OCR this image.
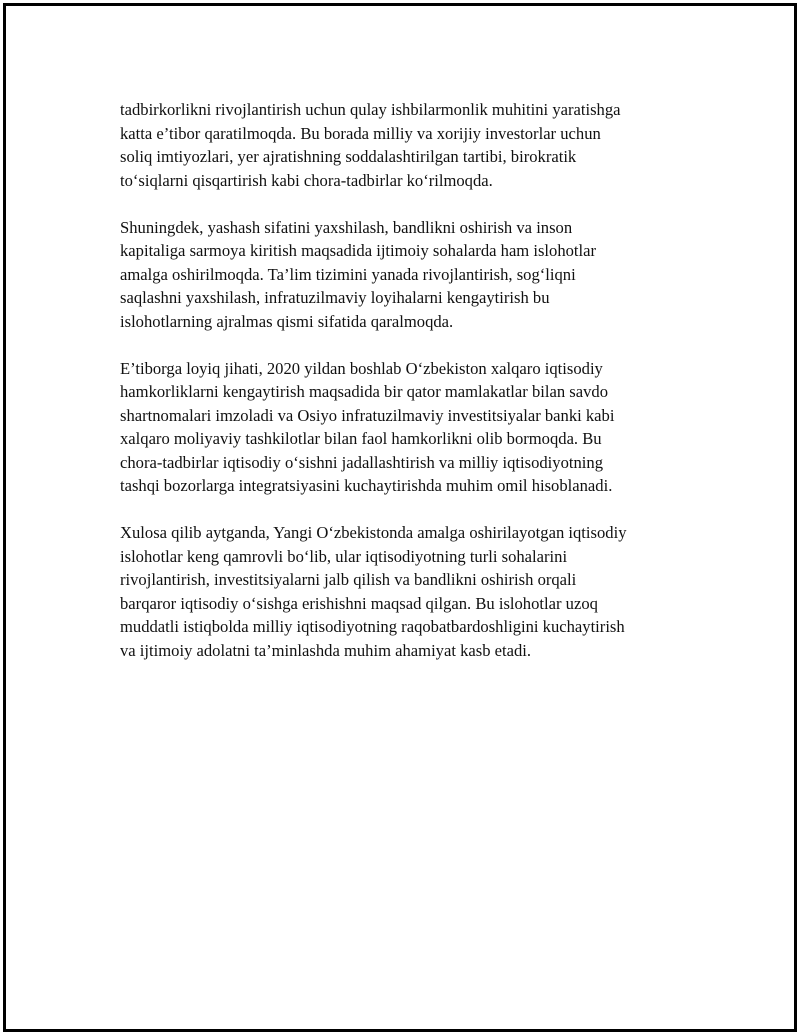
tadbirkorlikni rivojlantirish uchun qulay ishbilarmonlik muhitini yaratishga
katta e’tibor qaratilmoqda. Bu borada milliy va xorijiy investorlar uchun
soliq imtiyozlari, yer ajratishning soddalashtirilgan tartibi, birokratik
to‘siqlarni qisqartirish kabi chora-tadbirlar ko‘rilmoqda.

Shuningdek, yashash sifatini yaxshilash, bandlikni oshirish va inson
kapitaliga sarmoya kiritish maqsadida ijtimoiy sohalarda ham islohotlar
amalga oshirilmoqda. Ta’lim tizimini yanada rivojlantirish, sog‘liqni
saqlashni yaxshilash, infratuzilmaviy loyihalarni kengaytirish bu
islohotlarning ajralmas qismi sifatida qaralmoqda.

E’tiborga loyiq jihati, 2020 yildan boshlab O‘zbekiston xalqaro iqtisodiy
hamkorliklarni kengaytirish maqsadida bir qator mamlakatlar bilan savdo
shartnomalari imzoladi va Osiyo infratuzilmaviy investitsiyalar banki kabi
xalqaro moliyaviy tashkilotlar bilan faol hamkorlikni olib bormoqda. Bu
chora-tadbirlar iqtisodiy o‘sishni jadallashtirish va milliy iqtisodiyotning
tashqi bozorlarga integratsiyasini kuchaytirishda muhim omil hisoblanadi.

Xulosa qilib aytganda, Yangi O‘zbekistonda amalga oshirilayotgan iqtisodiy
islohotlar keng qamrovli bo‘lib, ular iqtisodiyotning turli sohalarini
rivojlantirish, investitsiyalarni jalb qilish va bandlikni oshirish orqali
barqaror iqtisodiy o‘sishga erishishni maqsad qilgan. Bu islohotlar uzoq
muddatli istiqbolda milliy iqtisodiyotning raqobatbardoshligini kuchaytirish
va ijtimoiy adolatni ta’minlashda muhim ahamiyat kasb etadi.
